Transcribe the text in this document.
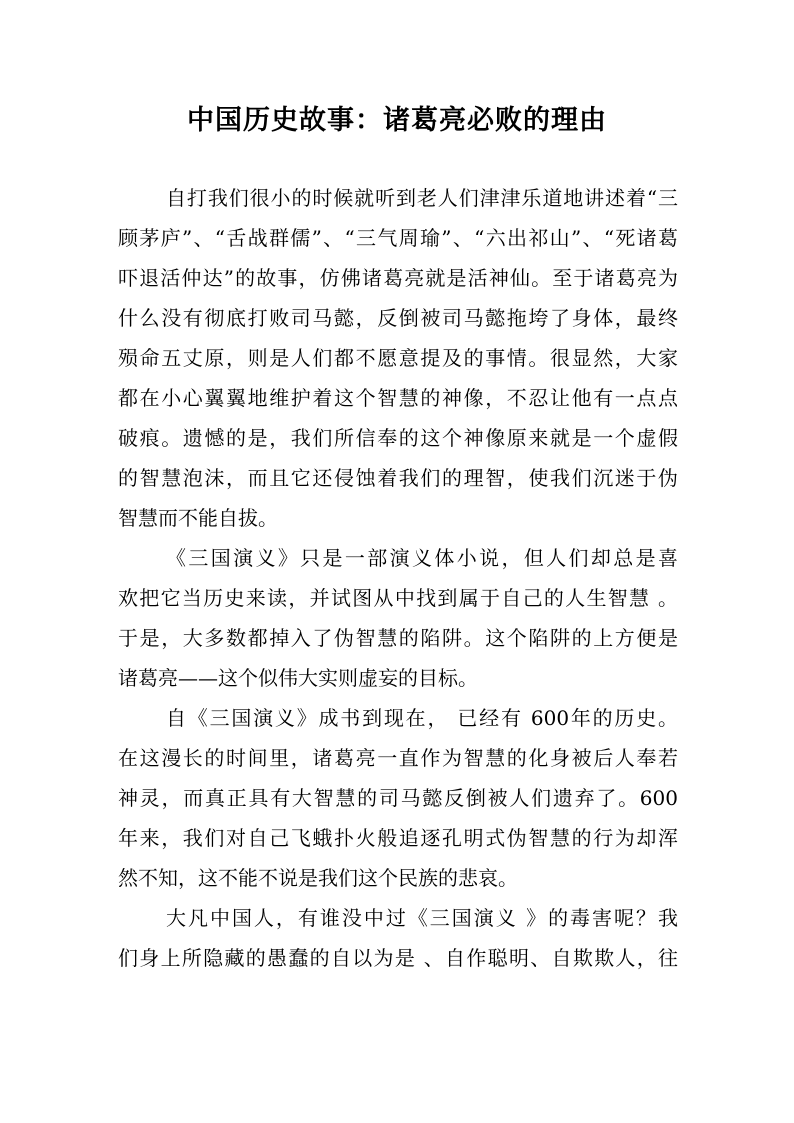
中国历史故事：诸葛亮必败的理由

自打我们很小的时候就听到老人们津津乐道地讲述着“三
顾茅庐”、“舌战群儒”、“三气周瑜”、“六出祁山”、“死诸葛
吓退活仲达”的故事，仿佛诸葛亮就是活神仙。至于诸葛亮为
什么没有彻底打败司马懿，反倒被司马懿拖垮了身体，最终
殒命五丈原，则是人们都不愿意提及的事情。很显然，大家
都在小心翼翼地维护着这个智慧的神像，不忍让他有一点点
破痕。遗憾的是，我们所信奉的这个神像原来就是一个虚假
的智慧泡沫，而且它还侵蚀着我们的理智，使我们沉迷于伪
智慧而不能自拔。

《三国演义》只是一部演义体小说，但人们却总是喜
欢把它当历史来读，并试图从中找到属于自己的人生智慧 。
于是，大多数都掉入了伪智慧的陷阱。这个陷阱的上方便是
诸葛亮——这个似伟大实则虚妄的目标。

自《三国演义》成书到现在， 已经有 600年的历史。
在这漫长的时间里，诸葛亮一直作为智慧的化身被后人奉若
神灵，而真正具有大智慧的司马懿反倒被人们遗弃了。600
年来，我们对自己飞蛾扑火般追逐孔明式伪智慧的行为却浑
然不知，这不能不说是我们这个民族的悲哀。

大凡中国人，有谁没中过《三国演义 》的毒害呢？我
们身上所隐藏的愚蠢的自以为是 、自作聪明、自欺欺人，往
